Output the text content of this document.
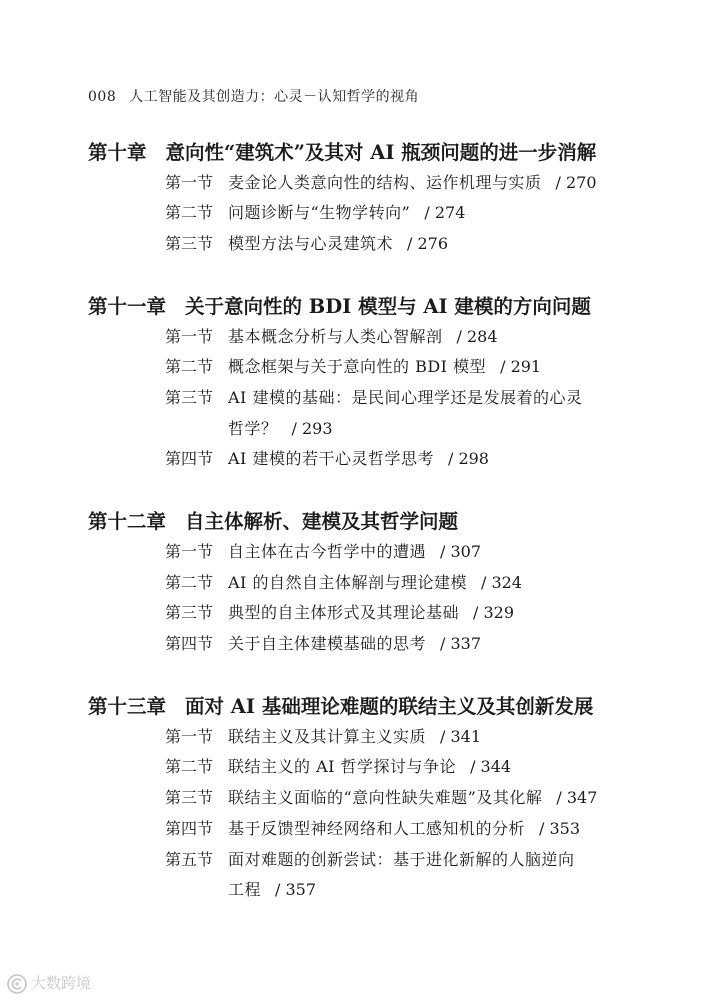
008 人工智能及其创造力：心灵－认知哲学的视角
第十章 意向性“建筑术”及其对 AI 瓶颈问题的进一步消解
第一节 麦金论人类意向性的结构、运作机理与实质 / 270
第二节 问题诊断与“生物学转向” / 274
第三节 模型方法与心灵建筑术 / 276
第十一章 关于意向性的 BDI 模型与 AI 建模的方向问题
第一节 基本概念分析与人类心智解剖 / 284
第二节 概念框架与关于意向性的 BDI 模型 / 291
第三节 AI 建模的基础：是民间心理学还是发展着的心灵
哲学？ / 293
第四节 AI 建模的若干心灵哲学思考 / 298
第十二章 自主体解析、建模及其哲学问题
第一节 自主体在古今哲学中的遭遇 / 307
第二节 AI 的自然自主体解剖与理论建模 / 324
第三节 典型的自主体形式及其理论基础 / 329
第四节 关于自主体建模基础的思考 / 337
第十三章 面对 AI 基础理论难题的联结主义及其创新发展
第一节 联结主义及其计算主义实质 / 341
第二节 联结主义的 AI 哲学探讨与争论 / 344
第三节 联结主义面临的“意向性缺失难题”及其化解 / 347
第四节 基于反馈型神经网络和人工感知机的分析 / 353
第五节 面对难题的创新尝试：基于进化新解的人脑逆向
工程 / 357
大数跨境
